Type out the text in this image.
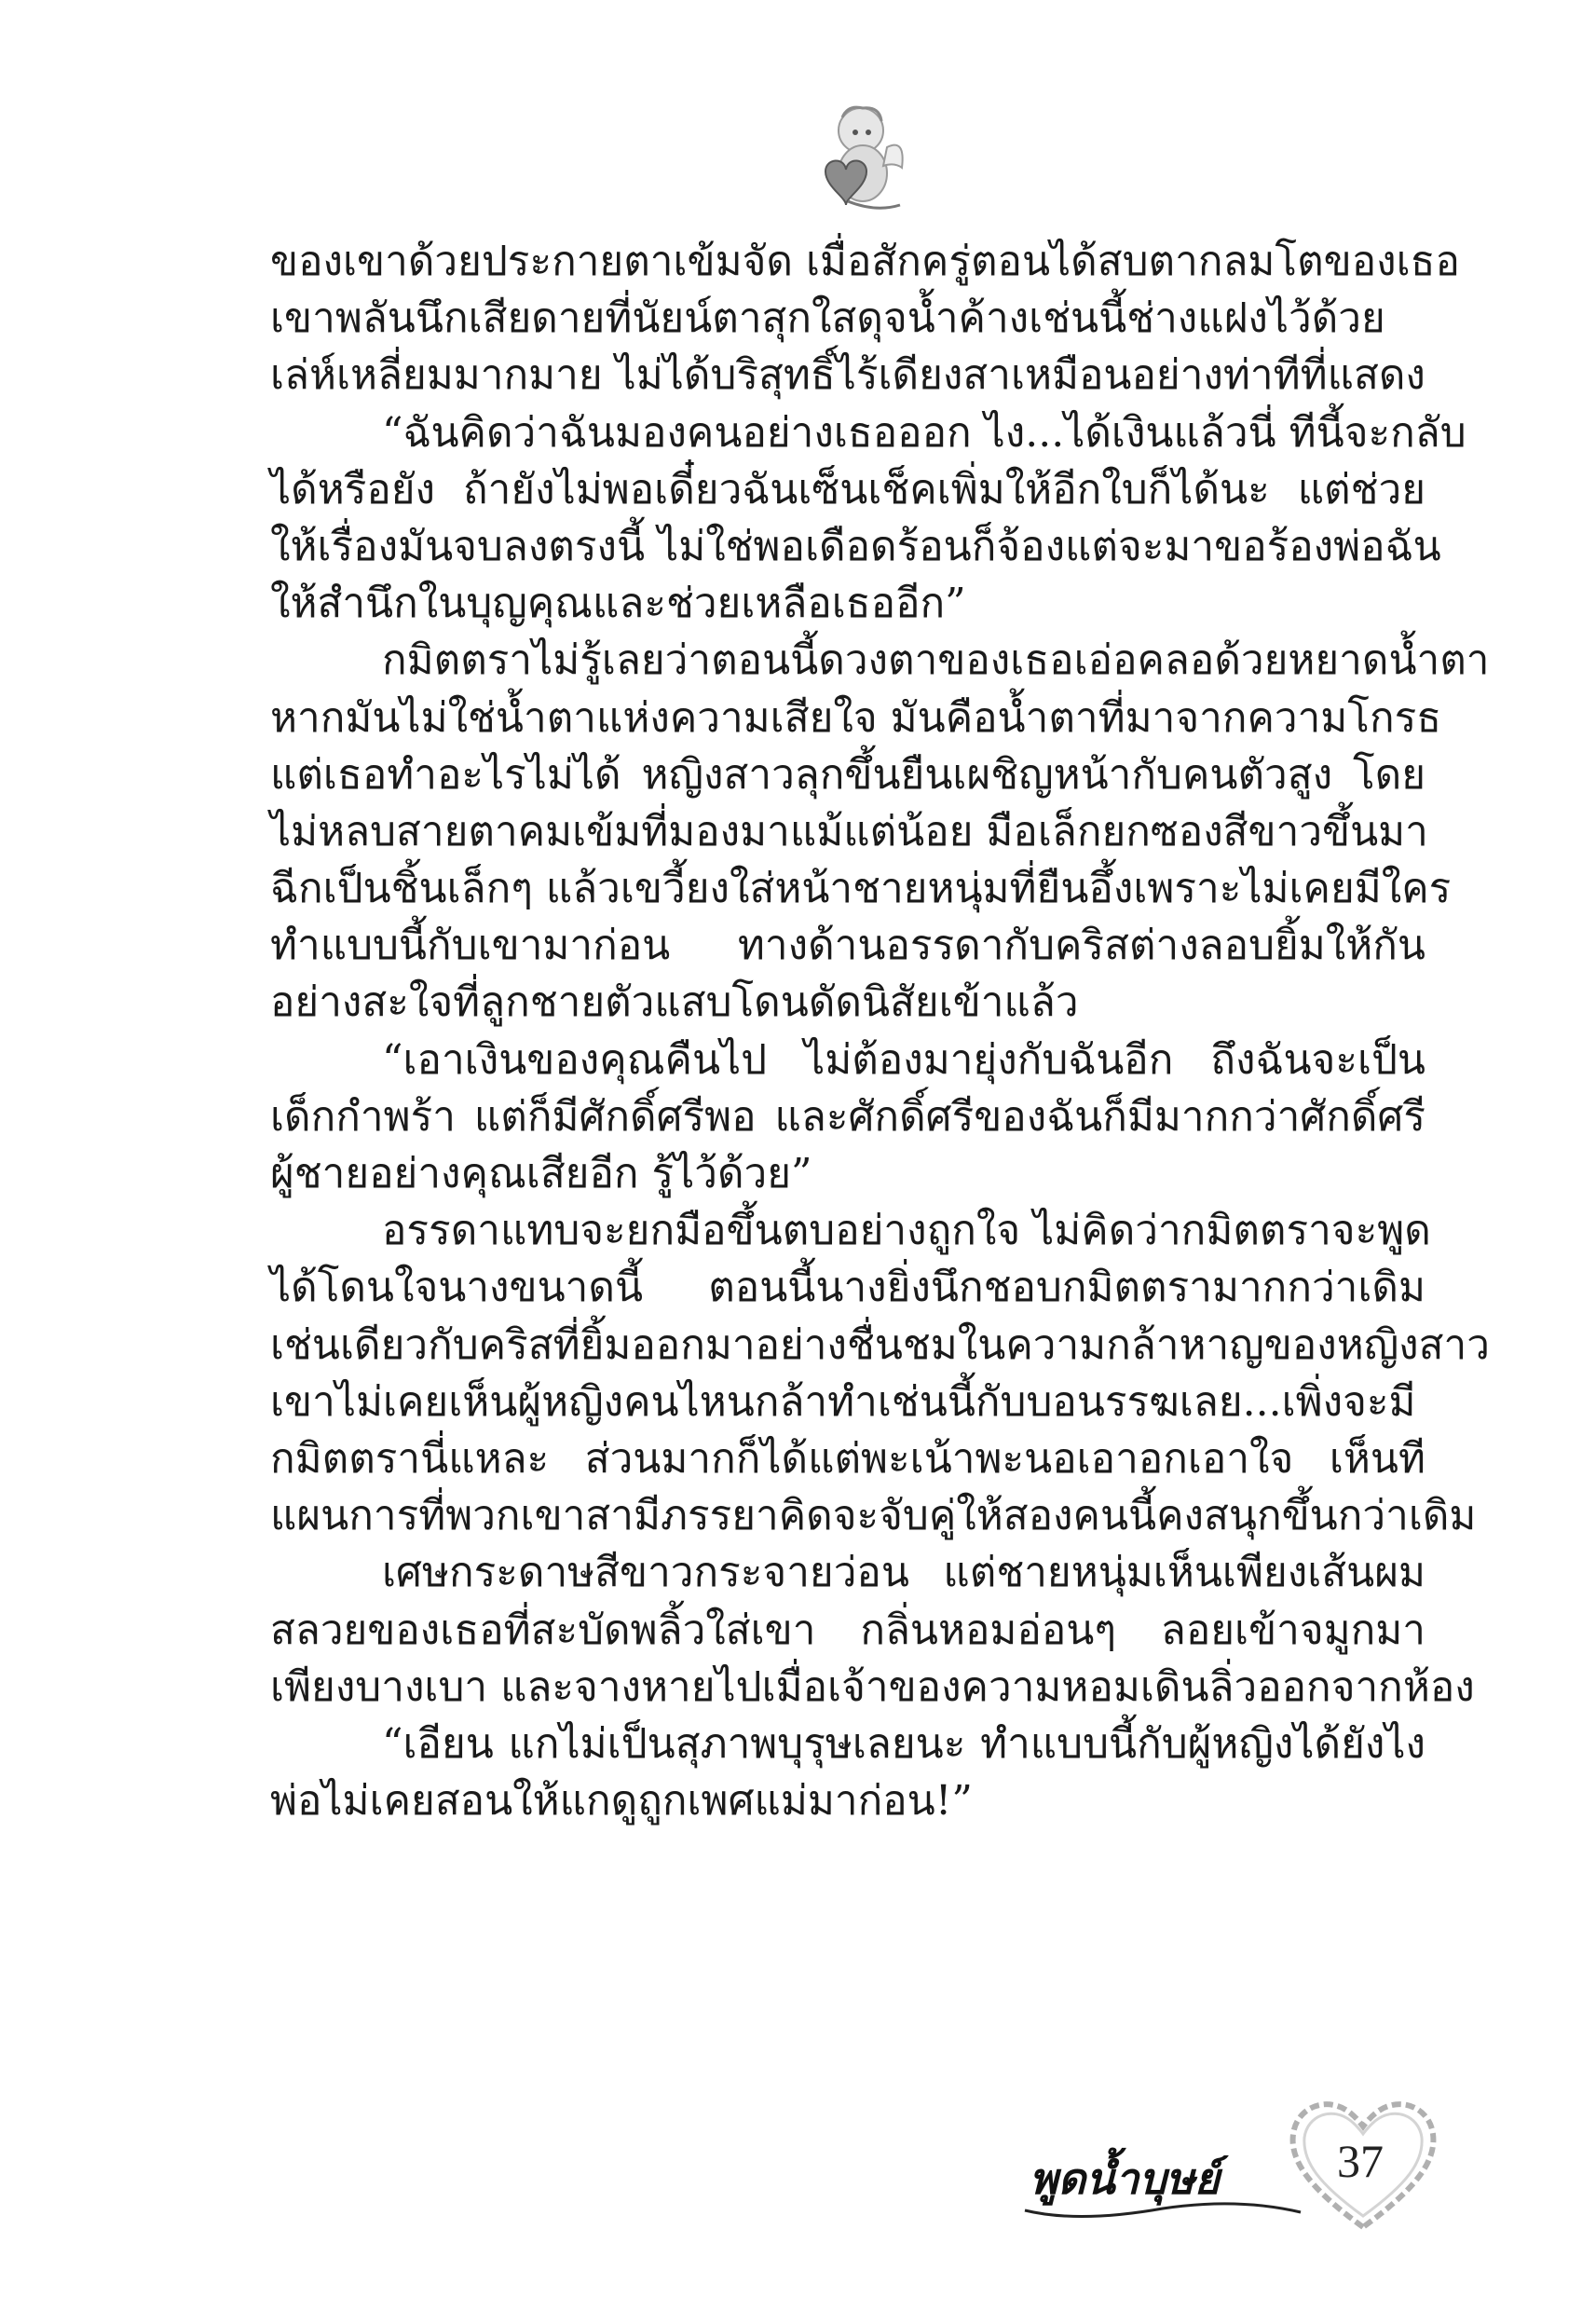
ของเขาด้วยประกายตาเข้มจัด เมื่อสักครู่ตอนได้สบตากลมโตของเธอ
เขาพลันนึกเสียดายที่นัยน์ตาสุกใสดุจน้ำค้างเช่นนี้ช่างแฝงไว้ด้วย
เล่ห์เหลี่ยมมากมาย ไม่ได้บริสุทธิ์ไร้เดียงสาเหมือนอย่างท่าทีที่แสดง
“ฉันคิดว่าฉันมองคนอย่างเธอออก ไง...ได้เงินแล้วนี่ ทีนี้จะกลับ
ได้หรือยัง ถ้ายังไม่พอเดี๋ยวฉันเซ็นเช็คเพิ่มให้อีกใบก็ได้นะ แต่ช่วย
ให้เรื่องมันจบลงตรงนี้ ไม่ใช่พอเดือดร้อนก็จ้องแต่จะมาขอร้องพ่อฉัน
ให้สำนึกในบุญคุณและช่วยเหลือเธออีก”
กมิตตราไม่รู้เลยว่าตอนนี้ดวงตาของเธอเอ่อคลอด้วยหยาดน้ำตา
หากมันไม่ใช่น้ำตาแห่งความเสียใจ มันคือน้ำตาที่มาจากความโกรธ
แต่เธอทำอะไรไม่ได้ หญิงสาวลุกขึ้นยืนเผชิญหน้ากับคนตัวสูง โดย
ไม่หลบสายตาคมเข้มที่มองมาแม้แต่น้อย มือเล็กยกซองสีขาวขึ้นมา
ฉีกเป็นชิ้นเล็กๆ แล้วเขวี้ยงใส่หน้าชายหนุ่มที่ยืนอึ้งเพราะไม่เคยมีใคร
ทำแบบนี้กับเขามาก่อน ทางด้านอรรดากับคริสต่างลอบยิ้มให้กัน
อย่างสะใจที่ลูกชายตัวแสบโดนดัดนิสัยเข้าแล้ว
“เอาเงินของคุณคืนไป ไม่ต้องมายุ่งกับฉันอีก ถึงฉันจะเป็น
เด็กกำพร้า แต่ก็มีศักดิ์ศรีพอ และศักดิ์ศรีของฉันก็มีมากกว่าศักดิ์ศรี
ผู้ชายอย่างคุณเสียอีก รู้ไว้ด้วย”
อรรดาแทบจะยกมือขึ้นตบอย่างถูกใจ ไม่คิดว่ากมิตตราจะพูด
ได้โดนใจนางขนาดนี้ ตอนนี้นางยิ่งนึกชอบกมิตตรามากกว่าเดิม
เช่นเดียวกับคริสที่ยิ้มออกมาอย่างชื่นชมในความกล้าหาญของหญิงสาว
เขาไม่เคยเห็นผู้หญิงคนไหนกล้าทำเช่นนี้กับบอนรรฆเลย...เพิ่งจะมี
กมิตตรานี่แหละ ส่วนมากก็ได้แต่พะเน้าพะนอเอาอกเอาใจ เห็นที
แผนการที่พวกเขาสามีภรรยาคิดจะจับคู่ให้สองคนนี้คงสนุกขึ้นกว่าเดิม
เศษกระดาษสีขาวกระจายว่อน แต่ชายหนุ่มเห็นเพียงเส้นผม
สลวยของเธอที่สะบัดพลิ้วใส่เขา กลิ่นหอมอ่อนๆ ลอยเข้าจมูกมา
เพียงบางเบา และจางหายไปเมื่อเจ้าของความหอมเดินลิ่วออกจากห้อง
“เอียน แกไม่เป็นสุภาพบุรุษเลยนะ ทำแบบนี้กับผู้หญิงได้ยังไง
พ่อไม่เคยสอนให้แกดูถูกเพศแม่มาก่อน!”
37
พูดน้ำบุษย์
